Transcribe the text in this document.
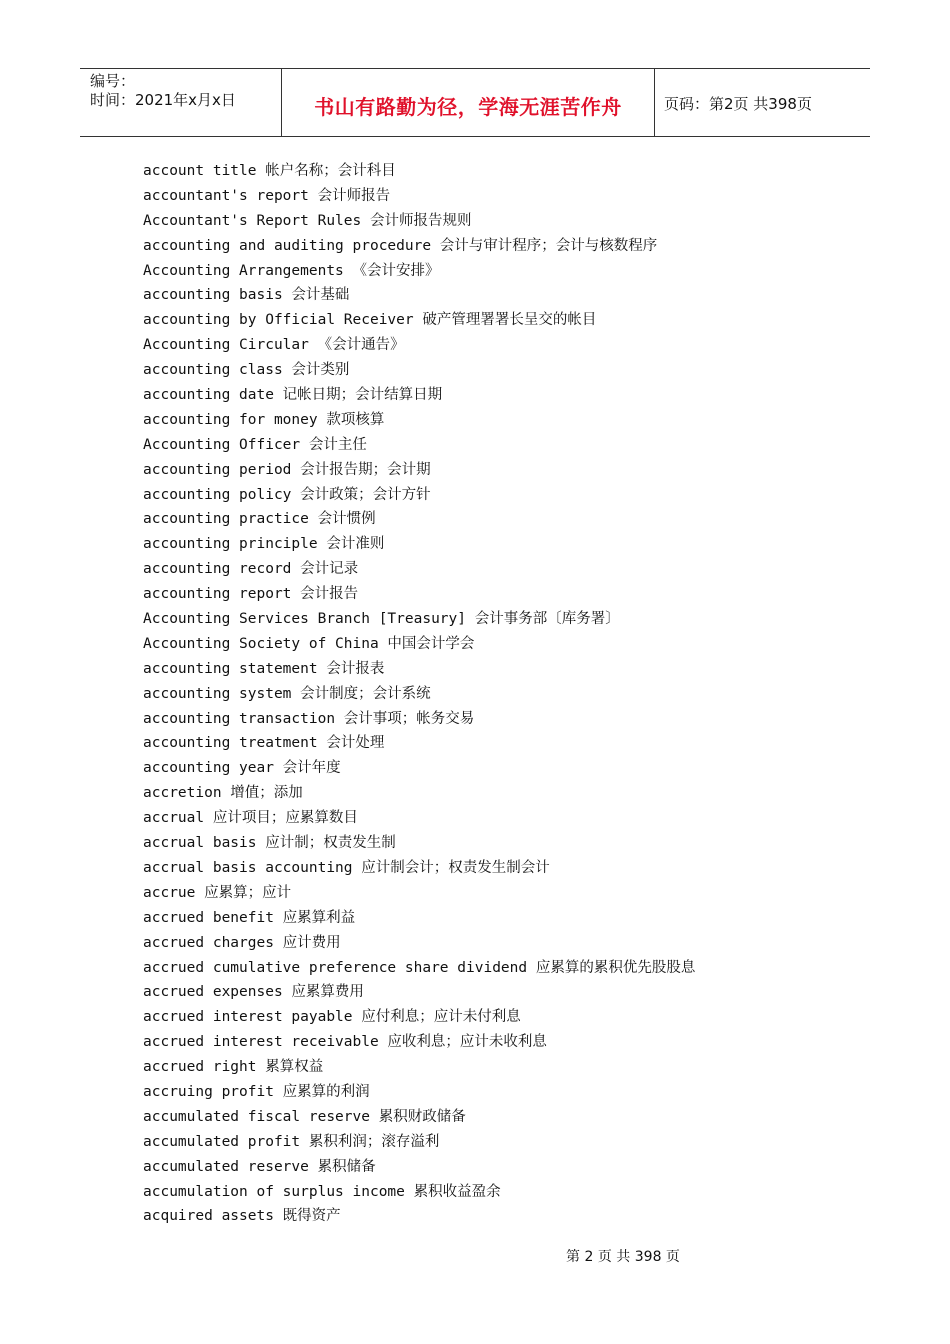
编号：
时间：2021年x月x日	书山有路勤为径，学海无涯苦作舟	页码：第2页 共398页
account title 帐户名称；会计科目
accountant's report 会计师报告
Accountant's Report Rules 会计师报告规则
accounting and auditing procedure 会计与审计程序；会计与核数程序
Accounting Arrangements 《会计安排》
accounting basis 会计基础
accounting by Official Receiver 破产管理署署长呈交的帐目
Accounting Circular 《会计通告》
accounting class 会计类别
accounting date 记帐日期；会计结算日期
accounting for money 款项核算
Accounting Officer 会计主任
accounting period 会计报告期；会计期
accounting policy 会计政策；会计方针
accounting practice 会计惯例
accounting principle 会计准则
accounting record 会计记录
accounting report 会计报告
Accounting Services Branch [Treasury] 会计事务部〔库务署〕
Accounting Society of China 中国会计学会
accounting statement 会计报表
accounting system 会计制度；会计系统
accounting transaction 会计事项；帐务交易
accounting treatment 会计处理
accounting year 会计年度
accretion 增值；添加
accrual 应计项目；应累算数目
accrual basis 应计制；权责发生制
accrual basis accounting 应计制会计；权责发生制会计
accrue 应累算；应计
accrued benefit 应累算利益
accrued charges 应计费用
accrued cumulative preference share dividend 应累算的累积优先股股息
accrued expenses 应累算费用
accrued interest payable 应付利息；应计未付利息
accrued interest receivable 应收利息；应计未收利息
accrued right 累算权益
accruing profit 应累算的利润
accumulated fiscal reserve 累积财政储备
accumulated profit 累积利润；滚存溢利
accumulated reserve 累积储备
accumulation of surplus income 累积收益盈余
acquired assets 既得资产
第 2 页 共 398 页
